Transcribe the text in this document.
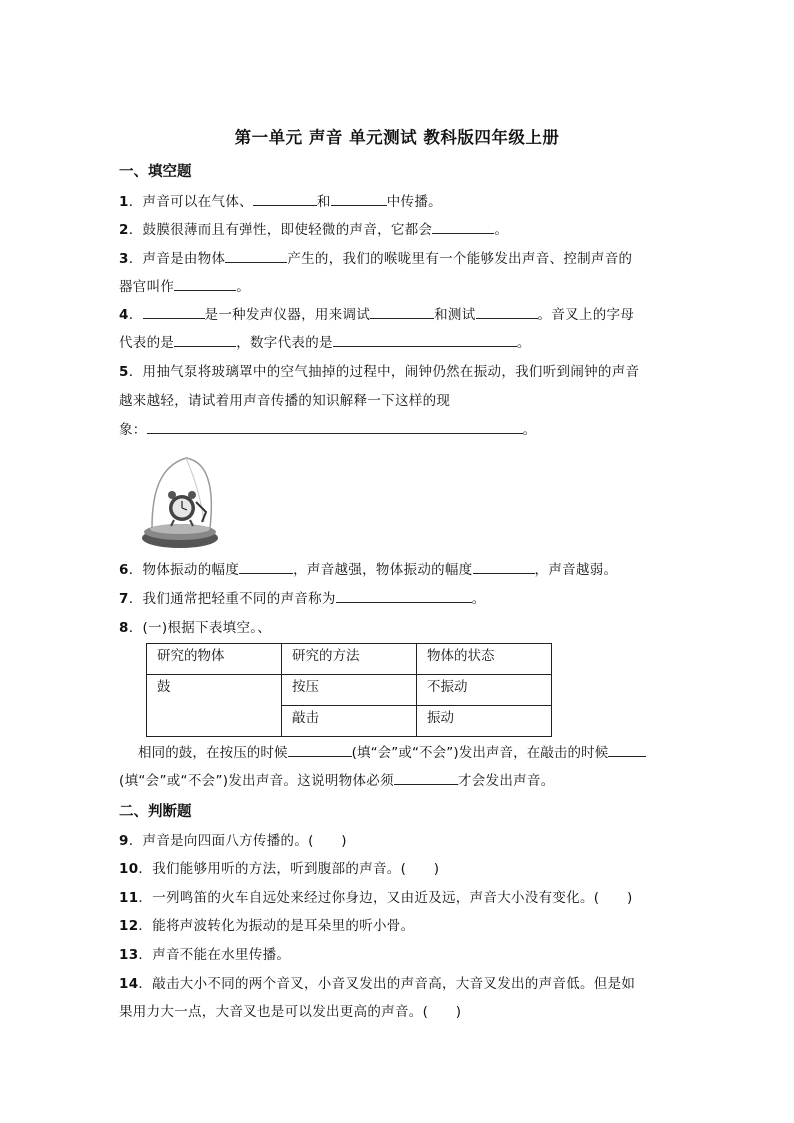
第一单元 声音 单元测试 教科版四年级上册
一、填空题
1．声音可以在气体、	和	中传播。
2．鼓膜很薄而且有弹性，即使轻微的声音，它都会	。
3．声音是由物体	产生的，我们的喉咙里有一个能够发出声音、控制声音的
器官叫作	。
4．	是一种发声仪器，用来调试	和测试	。音叉上的字母
代表的是	，数字代表的是	。
5．用抽气泵将玻璃罩中的空气抽掉的过程中，闹钟仍然在振动，我们听到闹钟的声音
越来越轻，请试着用声音传播的知识解释一下这样的现
象：	。
6．物体振动的幅度	，声音越强，物体振动的幅度	，声音越弱。
7．我们通常把轻重不同的声音称为	。
8．(一)根据下表填空。、
研究的物体	研究的方法	物体的状态
鼓	按压	不振动
	敲击	振动
相同的鼓，在按压的时候	(填“会”或“不会”)发出声音，在敲击的时候
(填“会”或“不会”)发出声音。这说明物体必须	才会发出声音。
二、判断题
9．声音是向四面八方传播的。(　　)
10．我们能够用听的方法，听到腹部的声音。(　　)
11．一列鸣笛的火车自远处来经过你身边，又由近及远，声音大小没有变化。(　　)
12．能将声波转化为振动的是耳朵里的听小骨。
13．声音不能在水里传播。
14．敲击大小不同的两个音叉，小音叉发出的声音高，大音叉发出的声音低。但是如
果用力大一点，大音叉也是可以发出更高的声音。(　　)
